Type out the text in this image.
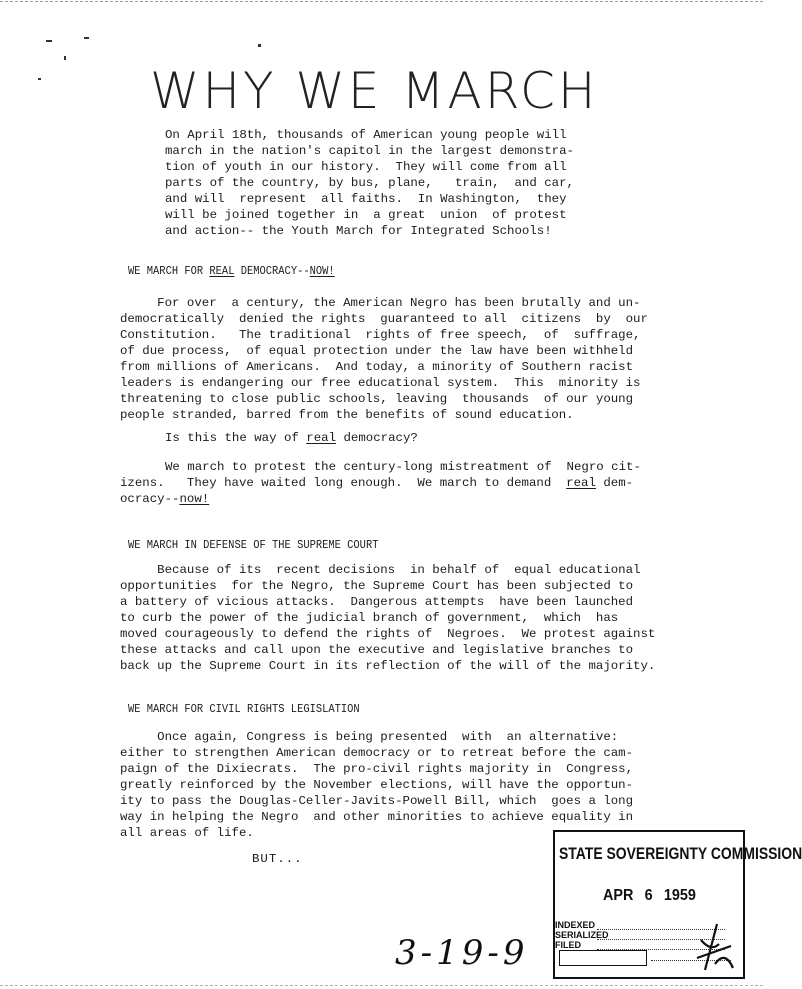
WHY WE MARCH

On April 18th, thousands of American young people will

march in the nation's capitol in the largest demonstra-

tion of youth in our history.  They will come from all

parts of the country, by bus, plane,   train,  and car,

and will  represent  all faiths.  In Washington,  they

will be joined together in  a great  union  of protest

and action-- the Youth March for Integrated Schools!

WE MARCH FOR REAL DEMOCRACY--NOW!

For over  a century, the American Negro has been brutally and un-

democratically  denied the rights  guaranteed to all  citizens  by  our

Constitution.   The traditional  rights of free speech,  of  suffrage,

of due process,  of equal protection under the law have been withheld

from millions of Americans.  And today, a minority of Southern racist

leaders is endangering our free educational system.  This  minority is

threatening to close public schools, leaving  thousands  of our young

people stranded, barred from the benefits of sound education.

Is this the way of real democracy?

We march to protest the century-long mistreatment of  Negro cit-

izens.   They have waited long enough.  We march to demand  real dem-

ocracy--now!

WE MARCH IN DEFENSE OF THE SUPREME COURT

Because of its  recent decisions  in behalf of  equal educational

opportunities  for the Negro, the Supreme Court has been subjected to

a battery of vicious attacks.  Dangerous attempts  have been launched

to curb the power of the judicial branch of government,  which  has

moved courageously to defend the rights of  Negroes.  We protest against

these attacks and call upon the executive and legislative branches to

back up the Supreme Court in its reflection of the will of the majority.

WE MARCH FOR CIVIL RIGHTS LEGISLATION

Once again, Congress is being presented  with  an alternative:

either to strengthen American democracy or to retreat before the cam-

paign of the Dixiecrats.  The pro-civil rights majority in  Congress,

greatly reinforced by the November elections, will have the opportun-

ity to pass the Douglas-Celler-Javits-Powell Bill, which  goes a long

way in helping the Negro  and other minorities to achieve equality in

all areas of life.

BUT...	STATE SOVEREIGNTY COMMISSION
APR 6 1959
INDEXED
SERIALIZED
FILED
3-19-9
